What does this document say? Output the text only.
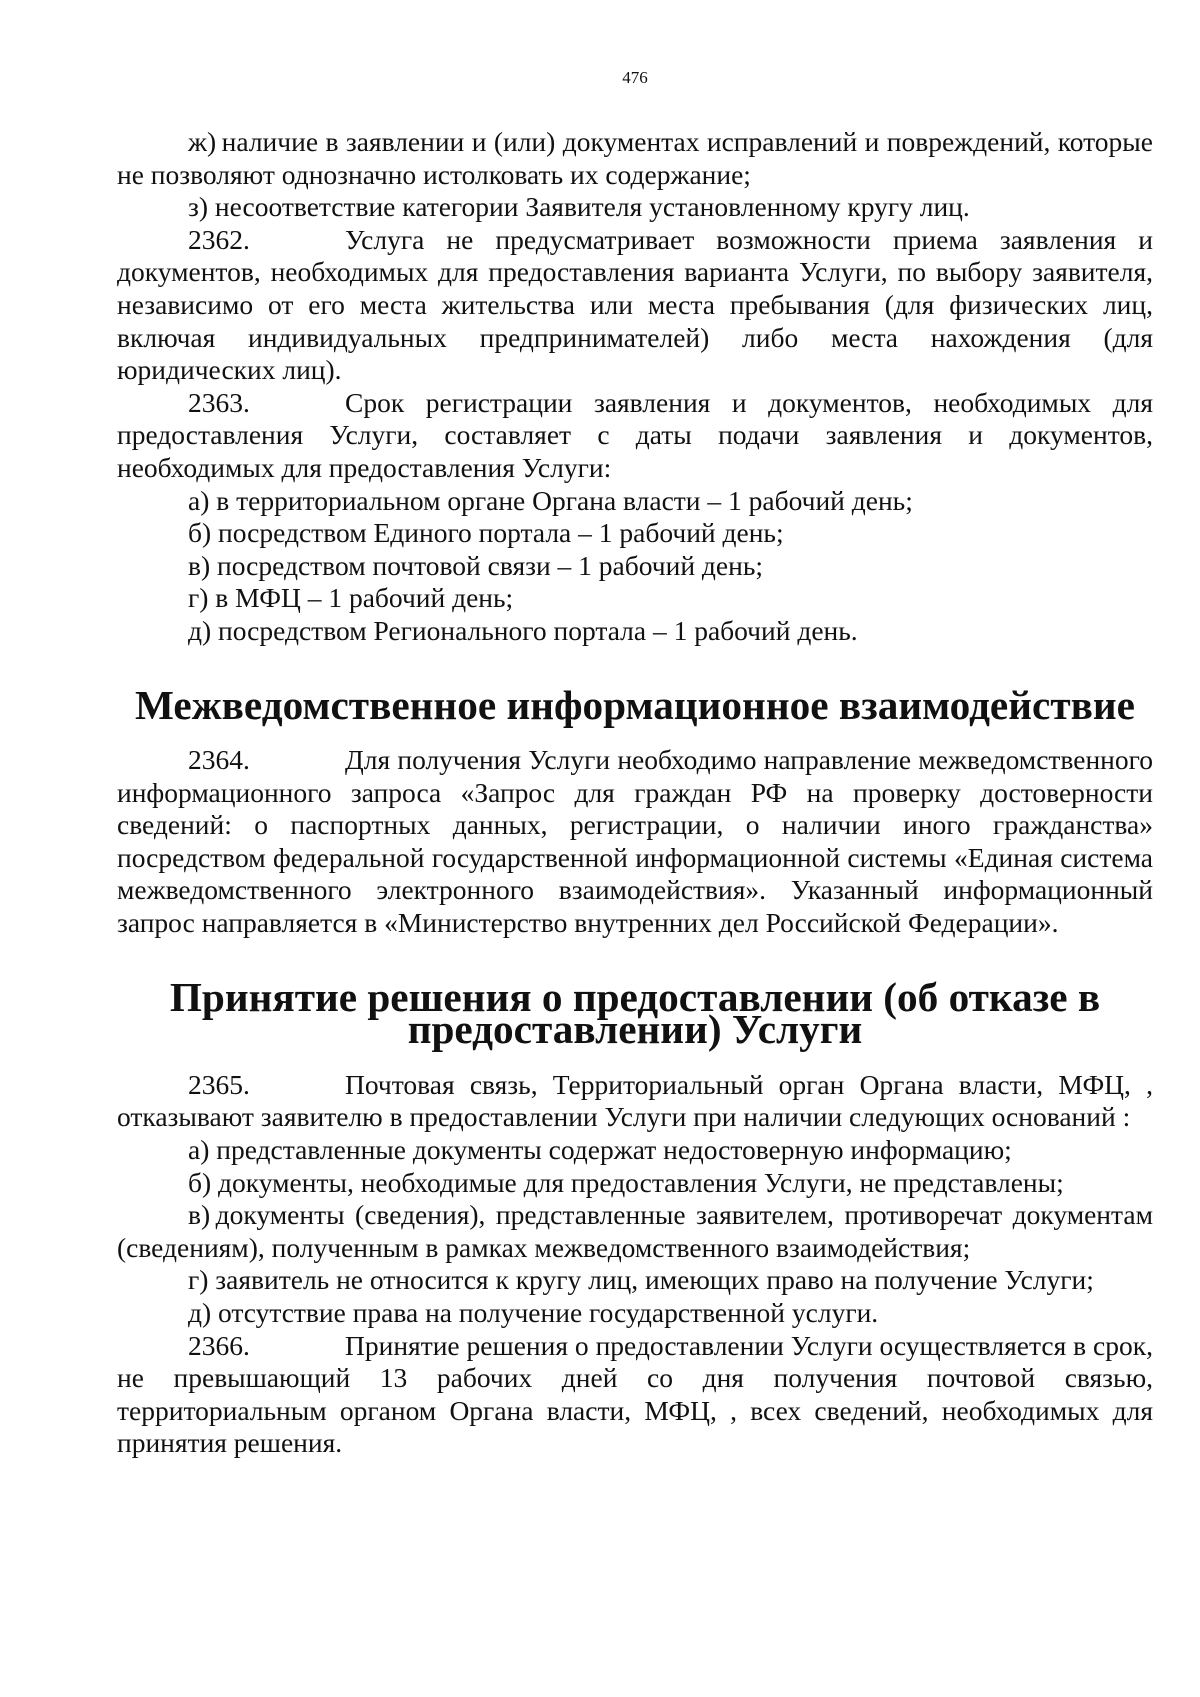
476

ж) наличие в заявлении и (или) документах исправлений и повреждений, которые не позволяют однозначно истолковать их содержание;

з) несоответствие категории Заявителя установленному кругу лиц.

2362.	Услуга не предусматривает возможности приема заявления и документов, необходимых для предоставления варианта Услуги, по выбору заявителя, независимо от его места жительства или места пребывания (для физических лиц, включая индивидуальных предпринимателей) либо места нахождения (для юридических лиц).

2363.	Срок регистрации заявления и документов, необходимых для предоставления Услуги, составляет с даты подачи заявления и документов, необходимых для предоставления Услуги:

а) в территориальном органе Органа власти – 1 рабочий день;

б) посредством Единого портала – 1 рабочий день;

в) посредством почтовой связи – 1 рабочий день;

г) в МФЦ – 1 рабочий день;

д) посредством Регионального портала – 1 рабочий день.

Межведомственное информационное взаимодействие

2364.	Для получения Услуги необходимо направление межведомственного информационного запроса «Запрос для граждан РФ на проверку достоверности сведений: о паспортных данных, регистрации, о наличии иного гражданства» посредством федеральной государственной информационной системы «Единая система межведомственного электронного взаимодействия». Указанный информационный запрос направляется в «Министерство внутренних дел Российской Федерации».

Принятие решения о предоставлении (об отказе в предоставлении) Услуги

2365.	Почтовая связь, Территориальный орган Органа власти, МФЦ, , отказывают заявителю в предоставлении Услуги при наличии следующих оснований :

а) представленные документы содержат недостоверную информацию;

б) документы, необходимые для предоставления Услуги, не представлены;

в) документы (сведения), представленные заявителем, противоречат документам (сведениям), полученным в рамках межведомственного взаимодействия;

г) заявитель не относится к кругу лиц, имеющих право на получение Услуги;

д) отсутствие права на получение государственной услуги.

2366.	Принятие решения о предоставлении Услуги осуществляется в срок, не превышающий 13 рабочих дней со дня получения почтовой связью, территориальным органом Органа власти, МФЦ, , всех сведений, необходимых для принятия решения.
